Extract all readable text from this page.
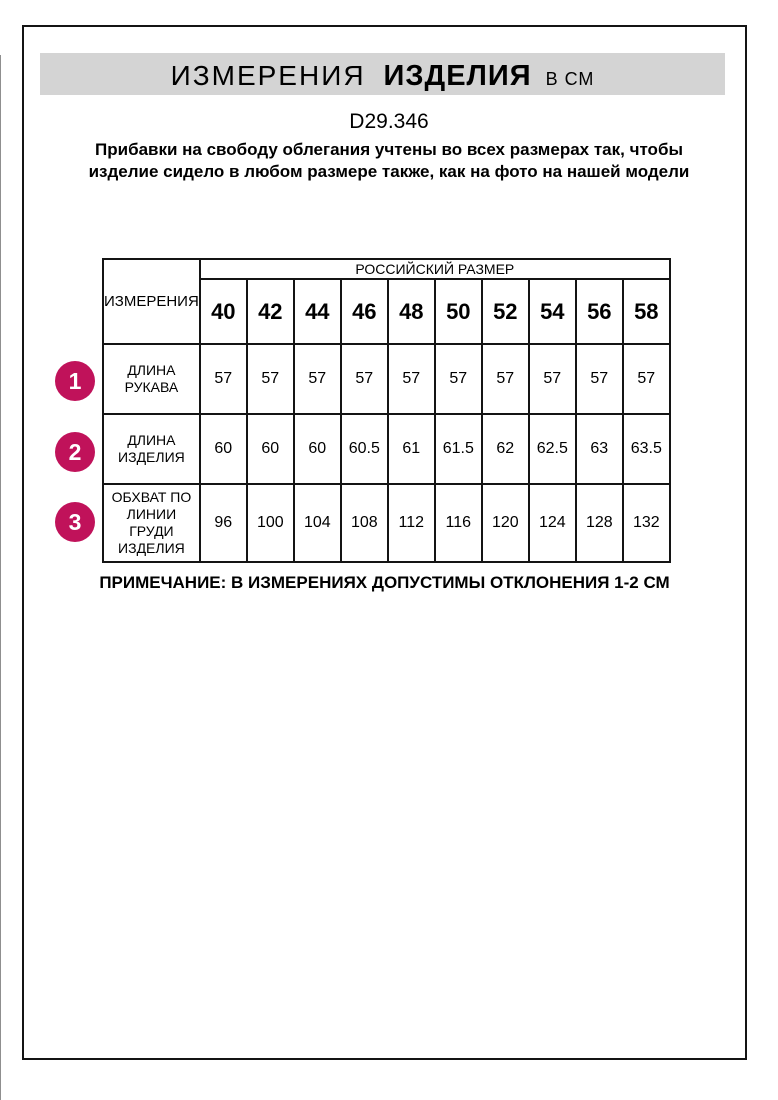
ИЗМЕРЕНИЯ ИЗДЕЛИЯ В СМ
D29.346
Прибавки на свободу облегания учтены во всех размерах так, чтобы изделие сидело в любом размере также, как на фото на нашей модели
ИЗМЕРЕНИЯ	РОССИЙСКИЙ РАЗМЕР									
	40	42	44	46	48	50	52	54	56	58
ДЛИНА РУКАВА	57	57	57	57	57	57	57	57	57	57
ДЛИНА ИЗДЕЛИЯ	60	60	60	60.5	61	61.5	62	62.5	63	63.5
ОБХВАТ ПО ЛИНИИ ГРУДИ ИЗДЕЛИЯ	96	100	104	108	112	116	120	124	128	132
1
2
3
ПРИМЕЧАНИЕ: В ИЗМЕРЕНИЯХ ДОПУСТИМЫ ОТКЛОНЕНИЯ 1-2 СМ
